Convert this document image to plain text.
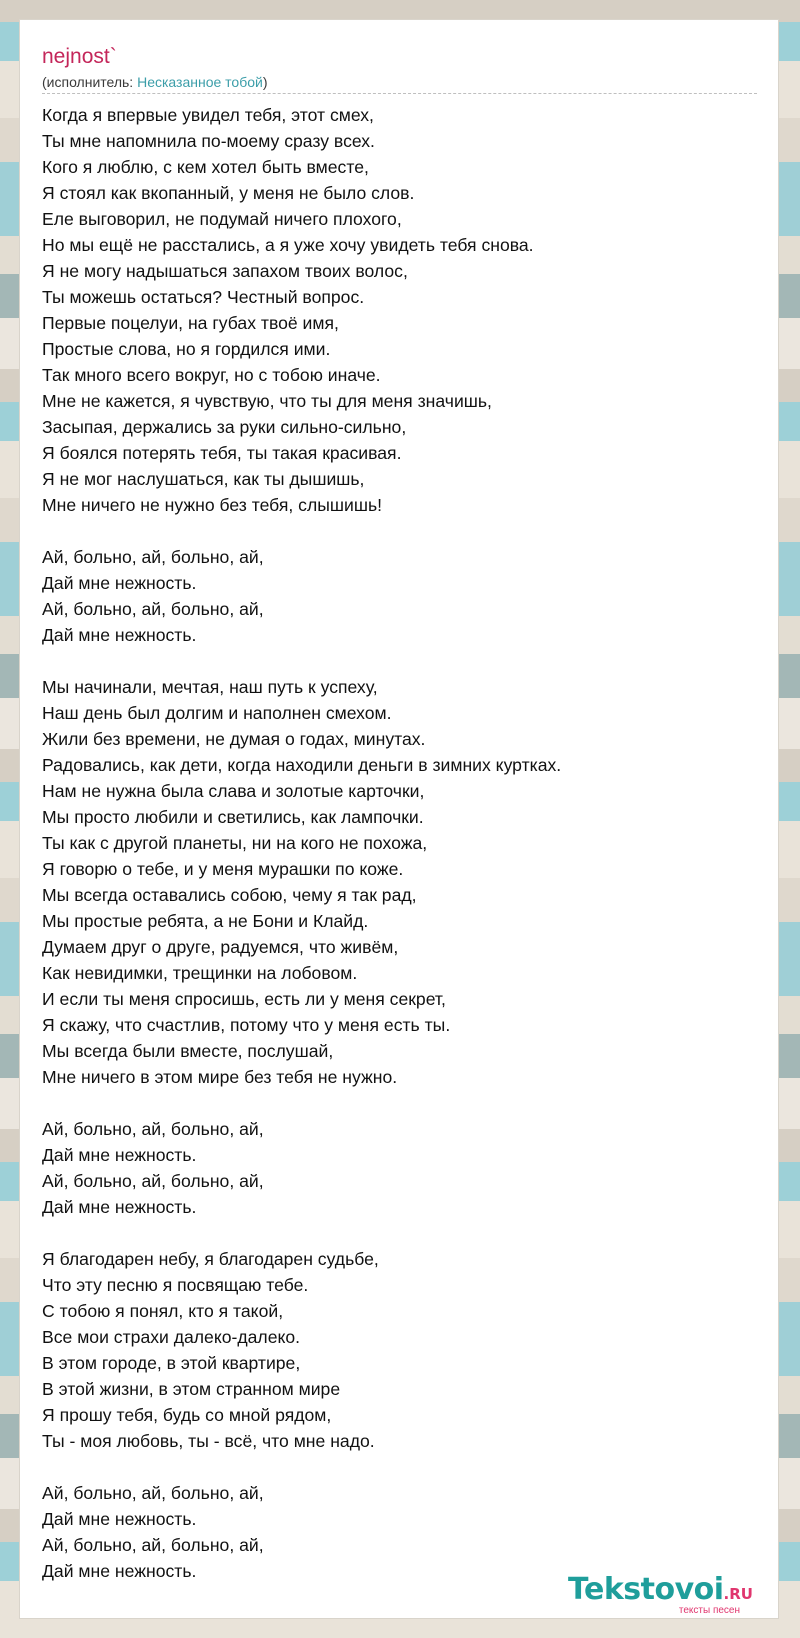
nejnost`
(исполнитель: Несказанное тобой)
Когда я впервые увидел тебя, этот смех,
Ты мне напомнила по-моему сразу всех.
Кого я люблю, с кем хотел быть вместе,
Я стоял как вкопанный, у меня не было слов.
Еле выговорил, не подумай ничего плохого,
Но мы ещё не расстались, а я уже хочу увидеть тебя снова.
Я не могу надышаться запахом твоих волос,
Ты можешь остаться? Честный вопрос.
Первые поцелуи, на губах твоё имя,
Простые слова, но я гордился ими.
Так много всего вокруг, но с тобою иначе.
Мне не кажется, я чувствую, что ты для меня значишь,
Засыпая, держались за руки сильно-сильно,
Я боялся потерять тебя, ты такая красивая.
Я не мог наслушаться, как ты дышишь,
Мне ничего не нужно без тебя, слышишь!
Ай, больно, ай, больно, ай,
Дай мне нежность.
Ай, больно, ай, больно, ай,
Дай мне нежность.
Мы начинали, мечтая, наш путь к успеху,
Наш день был долгим и наполнен смехом.
Жили без времени, не думая о годах, минутах.
Радовались, как дети, когда находили деньги в зимних куртках.
Нам не нужна была слава и золотые карточки,
Мы просто любили и светились, как лампочки.
Ты как с другой планеты, ни на кого не похожа,
Я говорю о тебе, и у меня мурашки по коже.
Мы всегда оставались собою, чему я так рад,
Мы простые ребята, а не Бони и Клайд.
Думаем друг о друге, радуемся, что живём,
Как невидимки, трещинки на лобовом.
И если ты меня спросишь, есть ли у меня секрет,
Я скажу, что счастлив, потому что у меня есть ты.
Мы всегда были вместе, послушай,
Мне ничего в этом мире без тебя не нужно.
Ай, больно, ай, больно, ай,
Дай мне нежность.
Ай, больно, ай, больно, ай,
Дай мне нежность.
Я благодарен небу, я благодарен судьбе,
Что эту песню я посвящаю тебе.
С тобою я понял, кто я такой,
Все мои страхи далеко-далеко.
В этом городе, в этой квартире,
В этой жизни, в этом странном мире
Я прошу тебя, будь со мной рядом,
Ты - моя любовь, ты - всё, что мне надо.
Ай, больно, ай, больно, ай,
Дай мне нежность.
Ай, больно, ай, больно, ай,
Дай мне нежность.
Tekstovoi.RU
тексты песен
